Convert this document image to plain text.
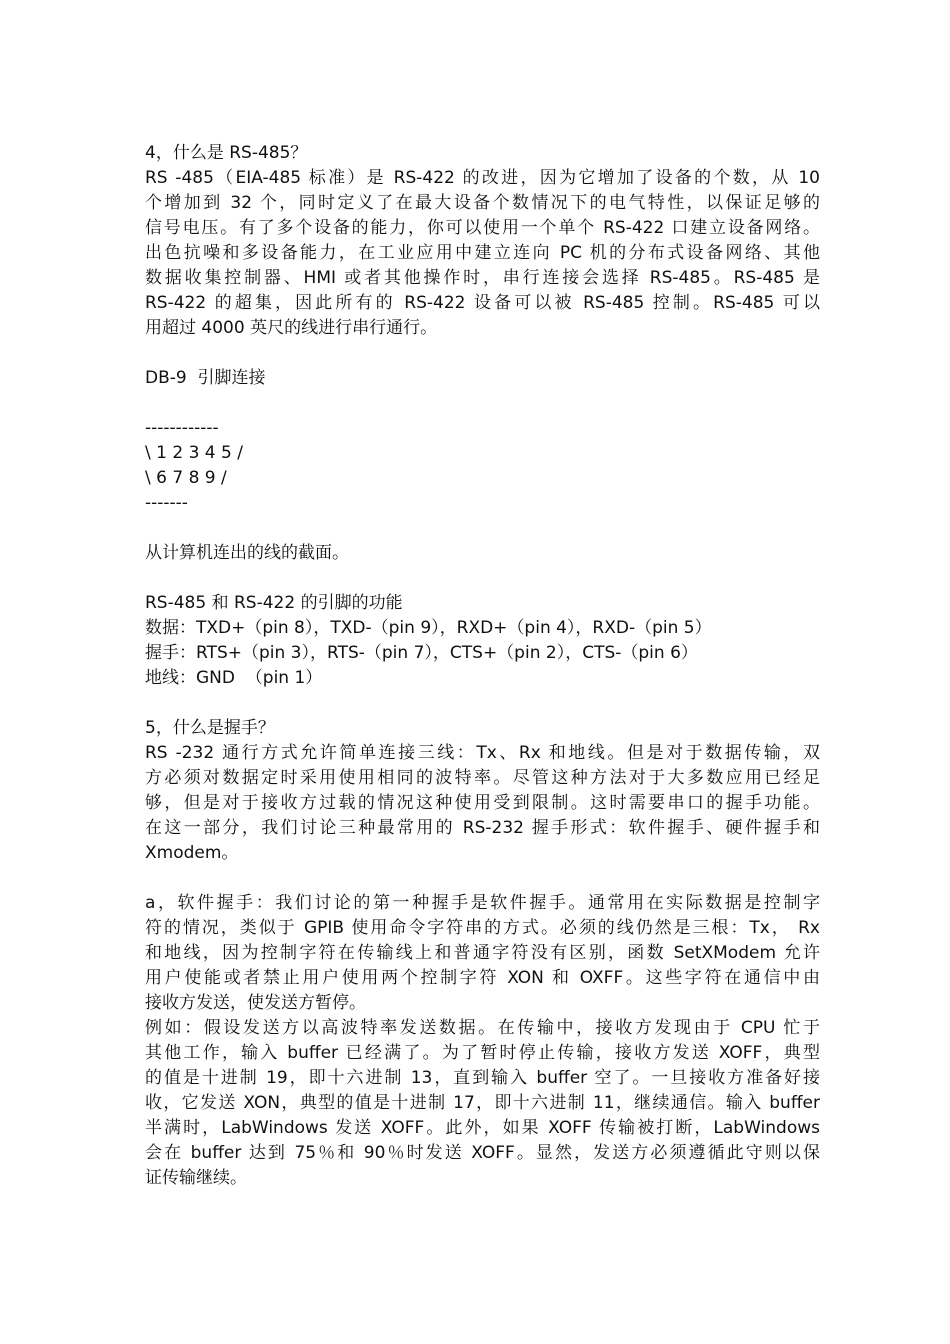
4，什么是 RS-485？
RS -485（EIA-485 标准）是 RS-422 的改进，因为它增加了设备的个数，从 10
个增加到 32 个，同时定义了在最大设备个数情况下的电气特性，以保证足够的
信号电压。有了多个设备的能力，你可以使用一个单个 RS-422 口建立设备网络。
出色抗噪和多设备能力，在工业应用中建立连向 PC 机的分布式设备网络、其他
数据收集控制器、HMI 或者其他操作时，串行连接会选择 RS-485。RS-485 是
RS-422 的超集，因此所有的 RS-422 设备可以被 RS-485 控制。RS-485 可以
用超过 4000 英尺的线进行串行通行。
DB-9  引脚连接
------------
\ 1 2 3 4 5 /
\ 6 7 8 9 /
-------
从计算机连出的线的截面。
RS-485 和 RS-422 的引脚的功能
数据：TXD+（pin 8），TXD-（pin 9），RXD+（pin 4），RXD-（pin 5）
握手：RTS+（pin 3），RTS-（pin 7），CTS+（pin 2），CTS-（pin 6）
地线：GND  （pin 1）
5，什么是握手？
RS -232 通行方式允许简单连接三线：Tx、Rx 和地线。但是对于数据传输，双
方必须对数据定时采用使用相同的波特率。尽管这种方法对于大多数应用已经足
够，但是对于接收方过载的情况这种使用受到限制。这时需要串口的握手功能。
在这一部分，我们讨论三种最常用的 RS-232 握手形式：软件握手、硬件握手和
Xmodem。
a，软件握手：我们讨论的第一种握手是软件握手。通常用在实际数据是控制字
符的情况，类似于 GPIB 使用命令字符串的方式。必须的线仍然是三根：Tx， Rx
和地线，因为控制字符在传输线上和普通字符没有区别，函数 SetXModem 允许
用户使能或者禁止用户使用两个控制字符 XON 和 OXFF。这些字符在通信中由
接收方发送，使发送方暂停。
例如：假设发送方以高波特率发送数据。在传输中，接收方发现由于 CPU 忙于
其他工作，输入 buffer 已经满了。为了暂时停止传输，接收方发送 XOFF，典型
的值是十进制 19，即十六进制 13，直到输入 buffer 空了。一旦接收方准备好接
收，它发送 XON，典型的值是十进制 17，即十六进制 11，继续通信。输入 buffer
半满时，LabWindows 发送 XOFF。此外，如果 XOFF 传输被打断，LabWindows
会在 buffer 达到 75％和 90％时发送 XOFF。显然，发送方必须遵循此守则以保
证传输继续。
